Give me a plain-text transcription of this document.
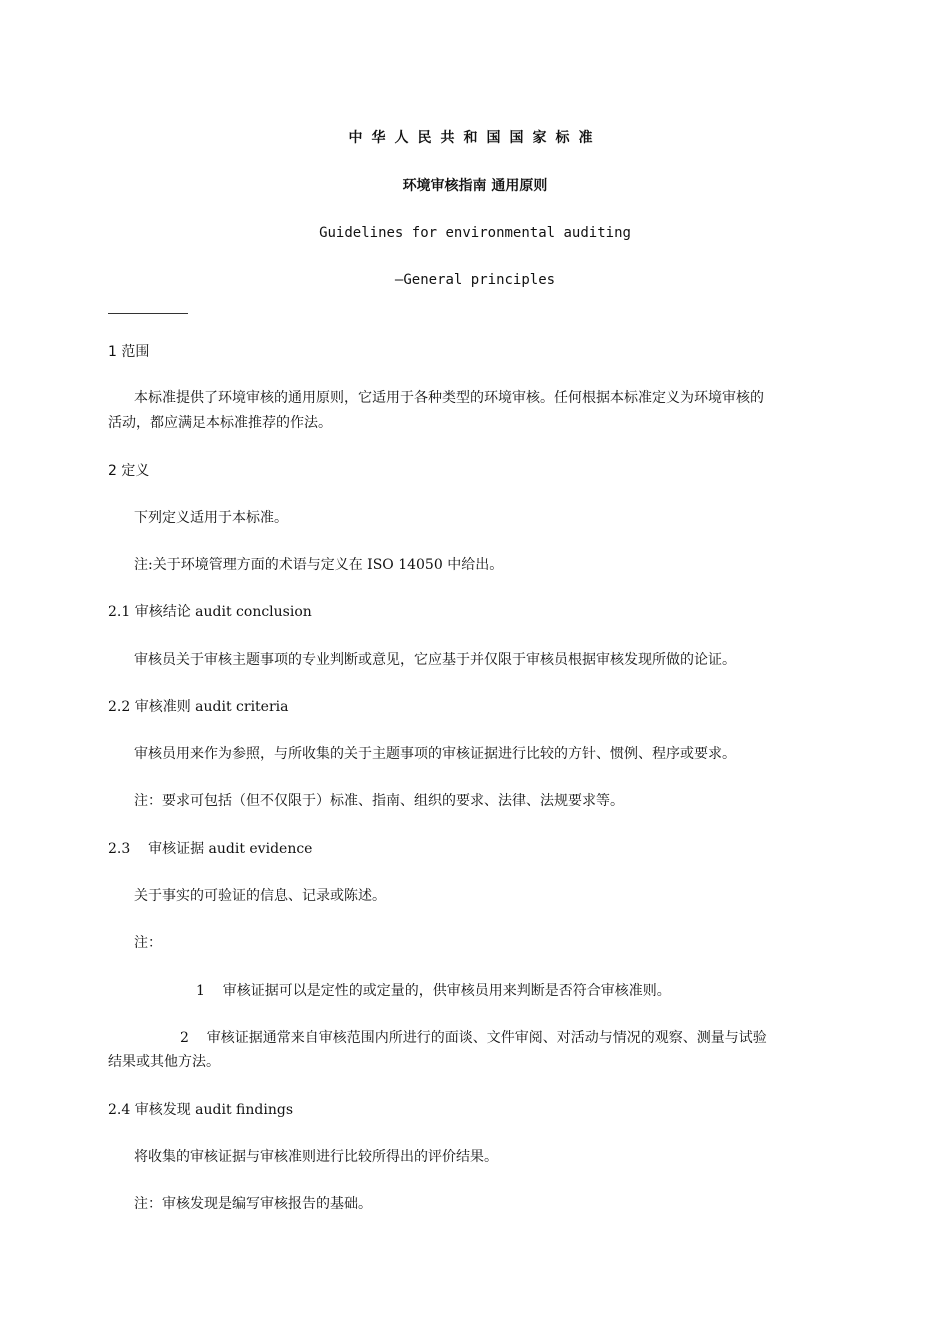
中华人民共和国国家标准
环境审核指南 通用原则
Guidelines for environmental auditing
—General principles
1 范围
本标准提供了环境审核的通用原则，它适用于各种类型的环境审核。任何根据本标准定义为环境审核的
活动，都应满足本标准推荐的作法。
2 定义
下列定义适用于本标准。
注:关于环境管理方面的术语与定义在 ISO 14050 中给出。
2.1 审核结论 audit conclusion
审核员关于审核主题事项的专业判断或意见，它应基于并仅限于审核员根据审核发现所做的论证。
2.2 审核准则 audit criteria
审核员用来作为参照，与所收集的关于主题事项的审核证据进行比较的方针、惯例、程序或要求。
注：要求可包括（但不仅限于）标准、指南、组织的要求、法律、法规要求等。
2.3    审核证据 audit evidence
关于事实的可验证的信息、记录或陈述。
注：
1    审核证据可以是定性的或定量的，供审核员用来判断是否符合审核准则。
2    审核证据通常来自审核范围内所进行的面谈、文件审阅、对活动与情况的观察、测量与试验
结果或其他方法。
2.4 审核发现 audit findings
将收集的审核证据与审核准则进行比较所得出的评价结果。
注：审核发现是编写审核报告的基础。
